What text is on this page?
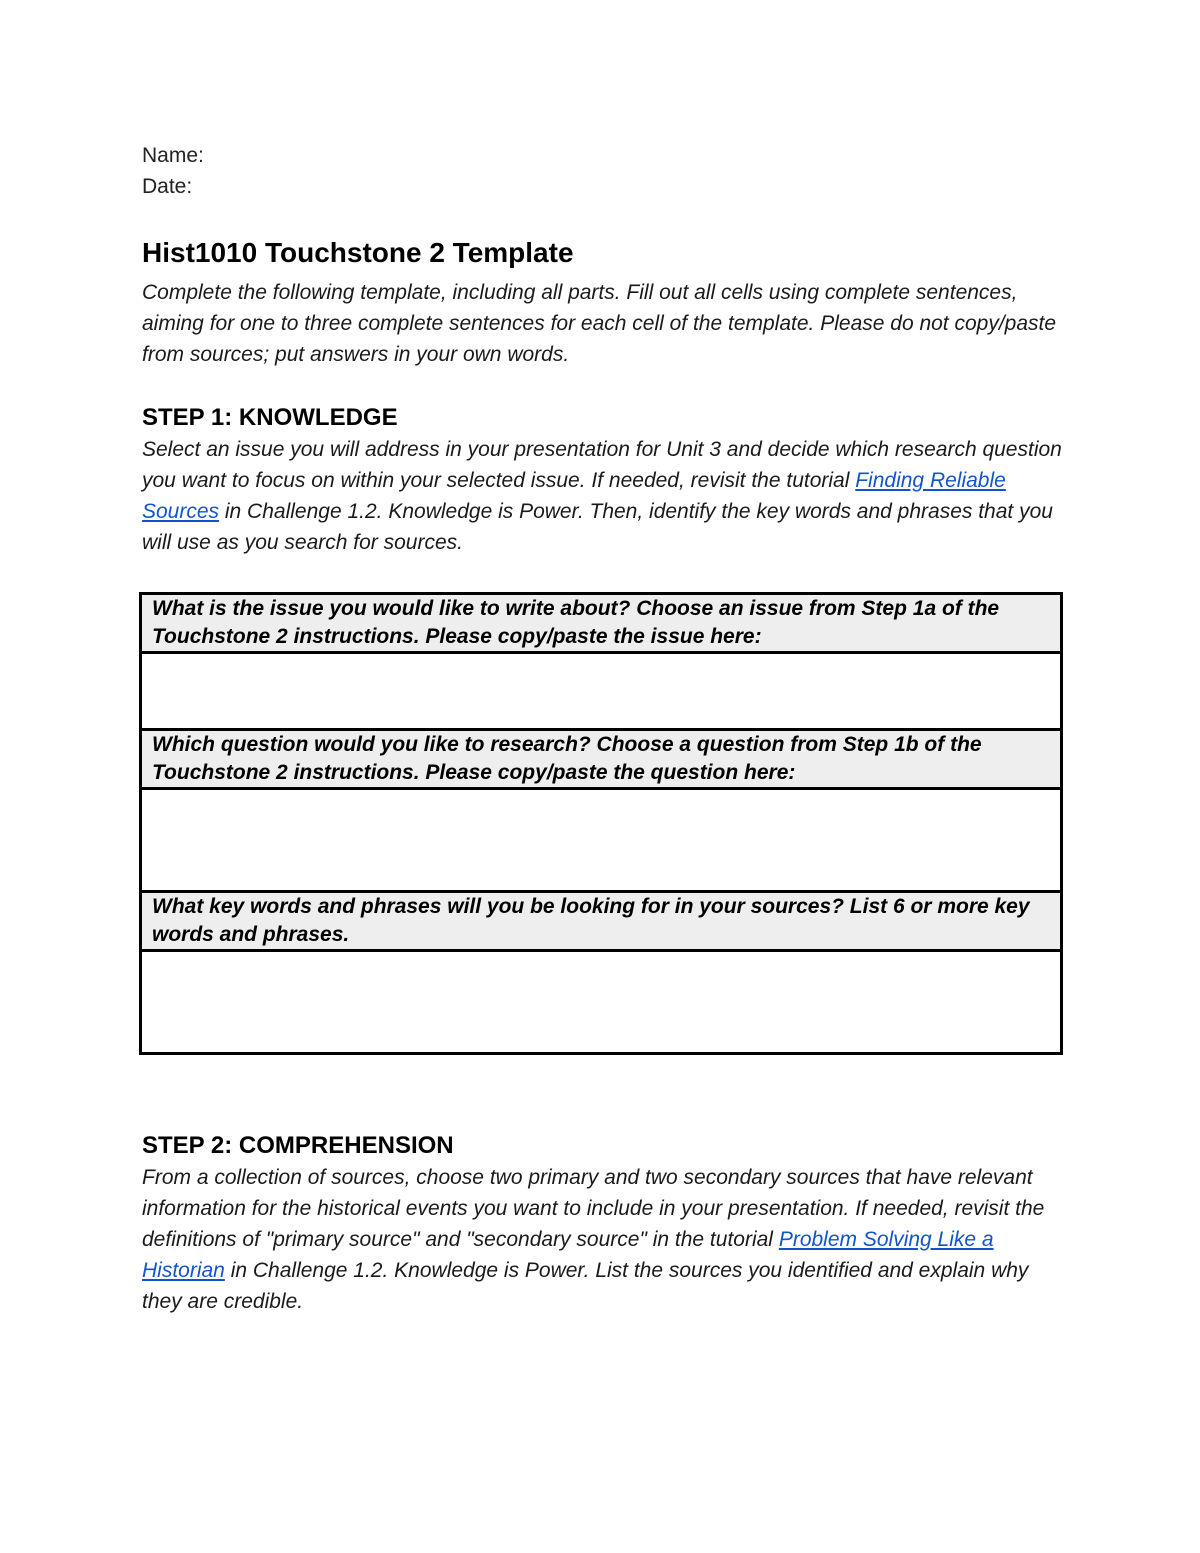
Name:
Date:
Hist1010 Touchstone 2 Template
Complete the following template, including all parts. Fill out all cells using complete sentences, aiming for one to three complete sentences for each cell of the template. Please do not copy/paste from sources; put answers in your own words.
STEP 1: KNOWLEDGE
Select an issue you will address in your presentation for Unit 3 and decide which research question you want to focus on within your selected issue. If needed, revisit the tutorial Finding Reliable Sources in Challenge 1.2. Knowledge is Power. Then, identify the key words and phrases that you will use as you search for sources.
What is the issue you would like to write about? Choose an issue from Step 1a of the Touchstone 2 instructions. Please copy/paste the issue here:

Which question would you like to research? Choose a question from Step 1b of the Touchstone 2 instructions. Please copy/paste the question here:

What key words and phrases will you be looking for in your sources? List 6 or more key words and phrases.

STEP 2: COMPREHENSION
From a collection of sources, choose two primary and two secondary sources that have relevant information for the historical events you want to include in your presentation. If needed, revisit the definitions of "primary source" and "secondary source" in the tutorial Problem Solving Like a Historian in Challenge 1.2. Knowledge is Power. List the sources you identified and explain why they are credible.
